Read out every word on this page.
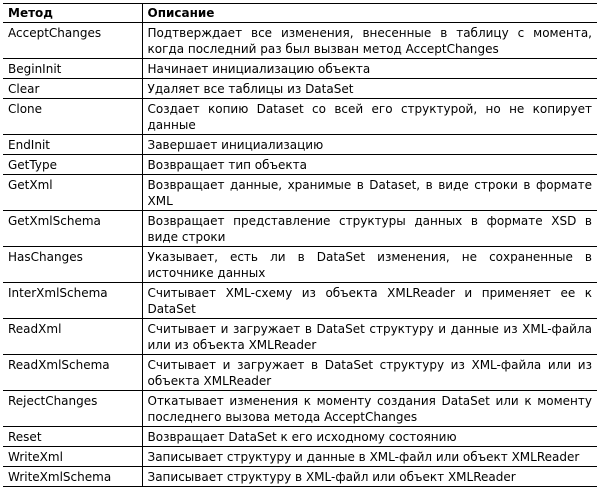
Метод	Описание
AcceptChanges	Подтверждает все изменения, внесенные в таблицу с момента, когда последний раз был вызван метод AcceptChanges
BeginInit	Начинает инициализацию объекта
Clear	Удаляет все таблицы из DataSet
Clone	Создает копию Dataset со всей его структурой, но не копирует данные
EndInit	Завершает инициализацию
GetType	Возвращает тип объекта
GetXml	Возвращает данные, хранимые в Dataset, в виде строки в формате XML
GetXmlSchema	Возвращает представление структуры данных в формате XSD в виде строки
HasChanges	Указывает, есть ли в DataSet изменения, не сохраненные в источнике данных
InterXmlSchema	Считывает XML-схему из объекта XMLReader и применяет ее к DataSet
ReadXml	Считывает и загружает в DataSet структуру и данные из XML-файла или из объекта XMLReader
ReadXmlSchema	Считывает и загружает в DataSet структуру из XML-файла или из объекта XMLReader
RejectChanges	Откатывает изменения к моменту создания DataSet или к моменту последнего вызова метода AcceptChanges
Reset	Возвращает DataSet к его исходному состоянию
WriteXml	Записывает структуру и данные в XML-файл или объект XMLReader
WriteXmlSchema	Записывает структуру в XML-файл или объект XMLReader
